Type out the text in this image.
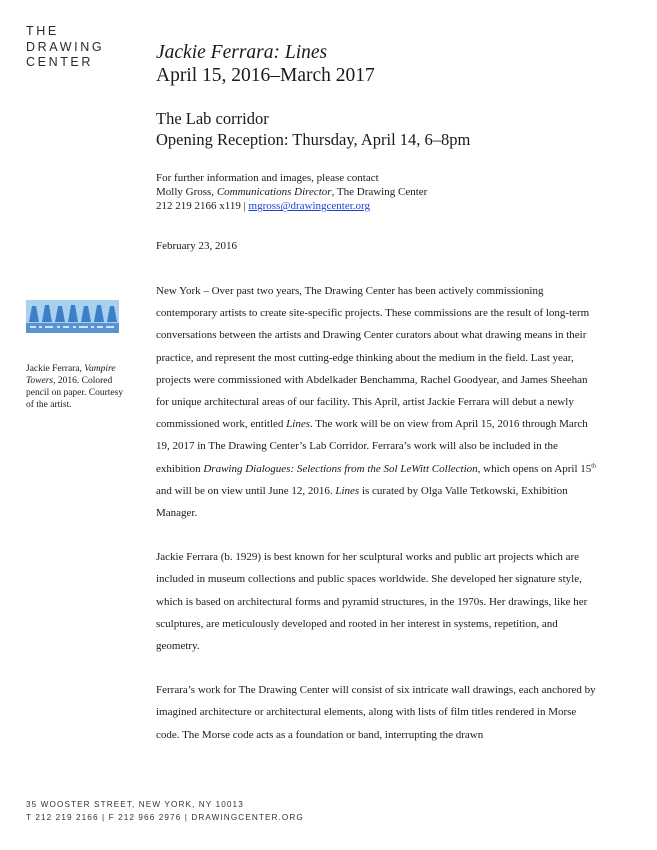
THE
DRAWING
CENTER	Jackie Ferrara: Lines
April 15, 2016–March 2017
The Lab corridor
Opening Reception: Thursday, April 14, 6–8pm
For further information and images, please contact
Molly Gross, Communications Director, The Drawing Center
212 219 2166 x119 | mgross@drawingcenter.org
February 23, 2016
Jackie Ferrara, Vampire Towers, 2016. Colored pencil on paper. Courtesy of the artist.

New York – Over past two years, The Drawing Center has been actively commissioning contemporary artists to create site-specific projects. These commissions are the result of long-term conversations between the artists and Drawing Center curators about what drawing means in their practice, and represent the most cutting-edge thinking about the medium in the field. Last year, projects were commissioned with Abdelkader Benchamma, Rachel Goodyear, and James Sheehan for unique architectural areas of our facility. This April, artist Jackie Ferrara will debut a newly commissioned work, entitled Lines. The work will be on view from April 15, 2016 through March 19, 2017 in The Drawing Center’s Lab Corridor. Ferrara’s work will also be included in the exhibition Drawing Dialogues: Selections from the Sol LeWitt Collection, which opens on April 15th and will be on view until June 12, 2016. Lines is curated by Olga Valle Tetkowski, Exhibition Manager.

Jackie Ferrara (b. 1929) is best known for her sculptural works and public art projects which are included in museum collections and public spaces worldwide. She developed her signature style, which is based on architectural forms and pyramid structures, in the 1970s. Her drawings, like her sculptures, are meticulously developed and rooted in her interest in systems, repetition, and geometry.

Ferrara’s work for The Drawing Center will consist of six intricate wall drawings, each anchored by imagined architecture or architectural elements, along with lists of film titles rendered in Morse code. The Morse code acts as a foundation or band, interrupting the drawn

35 WOOSTER STREET, NEW YORK, NY 10013
T 212 219 2166 | F 212 966 2976 | DRAWINGCENTER.ORG
